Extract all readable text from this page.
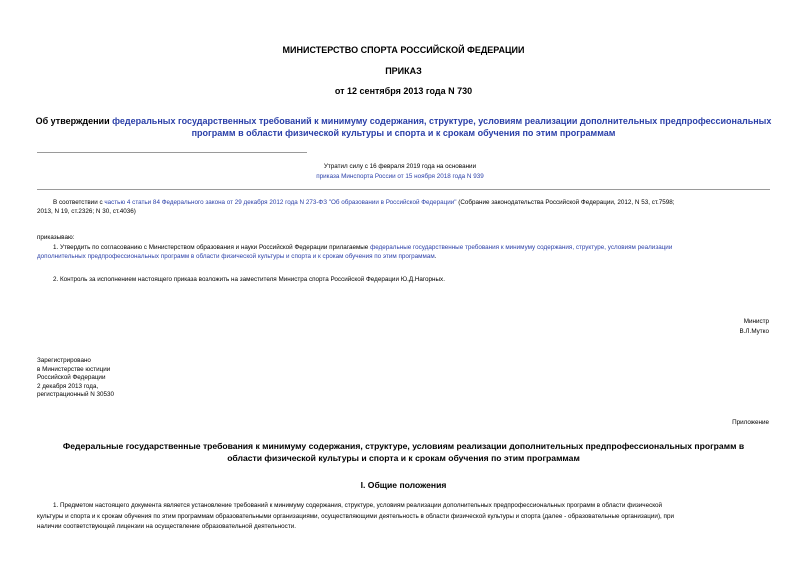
МИНИСТЕРСТВО СПОРТА РОССИЙСКОЙ ФЕДЕРАЦИИ
ПРИКАЗ
от 12 сентября 2013 года N 730
Об утверждении федеральных государственных требований к минимуму содержания, структуре, условиям реализации дополнительных предпрофессиональных
программ в области физической культуры и спорта и к срокам обучения по этим программам
Утратил силу с 16 февраля 2019 года на основании
приказа Минспорта России от 15 ноября 2018 года N 939
В соответствии с частью 4 статьи 84 Федерального закона от 29 декабря 2012 года N 273-ФЗ "Об образовании в Российской Федерации" (Собрание законодательства Российской Федерации, 2012, N 53, ст.7598;
2013, N 19, ст.2326; N 30, ст.4036)
приказываю:
1. Утвердить по согласованию с Министерством образования и науки Российской Федерации прилагаемые федеральные государственные требования к минимуму содержания, структуре, условиям реализации
дополнительных предпрофессиональных программ в области физической культуры и спорта и к срокам обучения по этим программам.
2. Контроль за исполнением настоящего приказа возложить на заместителя Министра спорта Российской Федерации Ю.Д.Нагорных.
Министр
В.Л.Мутко
Зарегистрировано
в Министерстве юстиции
Российской Федерации
2 декабря 2013 года,
регистрационный N 30530
Приложение
Федеральные государственные требования к минимуму содержания, структуре, условиям реализации дополнительных предпрофессиональных программ в
области физической культуры и спорта и к срокам обучения по этим программам
I. Общие положения
1. Предметом настоящего документа является установление требований к минимуму содержания, структуре, условиям реализации дополнительных предпрофессиональных программ в области физической
культуры и спорта и к срокам обучения по этим программам образовательными организациями, осуществляющими деятельность в области физической культуры и спорта (далее - образовательные организации), при
наличии соответствующей лицензии на осуществление образовательной деятельности.
